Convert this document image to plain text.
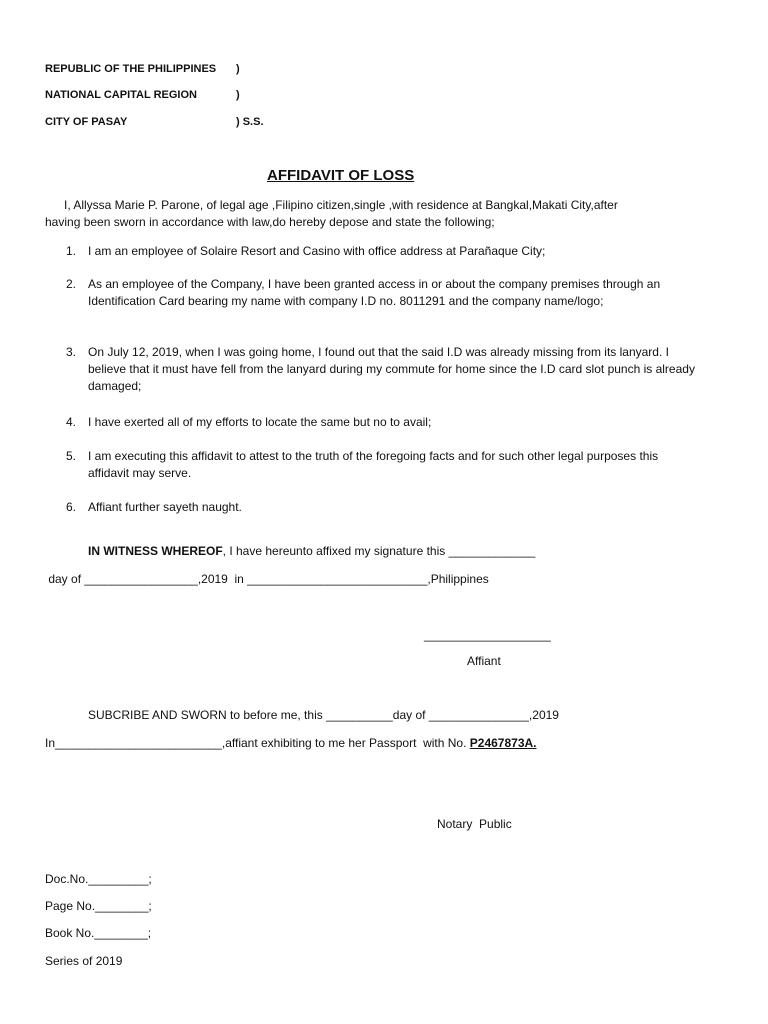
REPUBLIC OF THE PHILIPPINES )
NATIONAL CAPITAL REGION	)
CITY OF PASAY	) S.S.
AFFIDAVIT OF LOSS
I, Allyssa Marie P. Parone, of legal age ,Filipino citizen,single ,with residence at Bangkal,Makati City,after
having been sworn in accordance with law,do hereby depose and state the following;
1. I am an employee of Solaire Resort and Casino with office address at Parañaque City;
2. As an employee of the Company, I have been granted access in or about the company premises through an Identification Card bearing my name with company I.D no. 8011291 and the company name/logo;
3. On July 12, 2019, when I was going home, I found out that the said I.D was already missing from its lanyard. I believe that it must have fell from the lanyard during my commute for home since the I.D card slot punch is already damaged;
4. I have exerted all of my efforts to locate the same but no to avail;
5. I am executing this affidavit to attest to the truth of the foregoing facts and for such other legal purposes this affidavit may serve.
6. Affiant further sayeth naught.
IN WITNESS WHEREOF, I have hereunto affixed my signature this _____________
day of _________________,2019  in ___________________________,Philippines
___________________
Affiant
SUBCRIBE AND SWORN to before me, this __________day of _______________,2019
In_________________________,affiant exhibiting to me her Passport  with No. P2467873A.
Notary  Public
Doc.No._________;
Page No.________;
Book No.________;
Series of 2019
